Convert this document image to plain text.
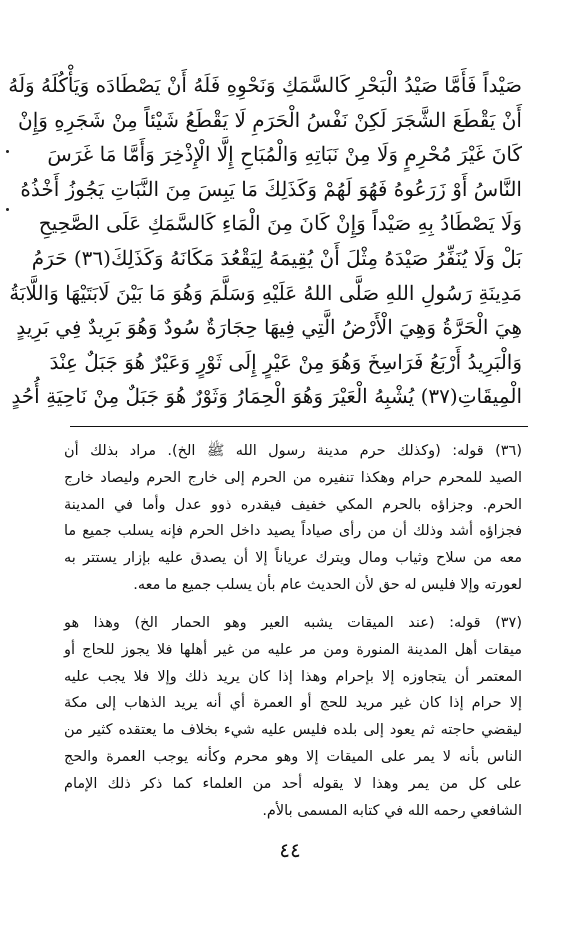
صَيْداً فَأَمَّا صَيْدُ الْبَحْرِ كَالسَّمَكِ وَنَحْوِهِ فَلَهُ أَنْ يَصْطَادَه وَيَأْكُلَهُ وَلَهُ
أَنْ يَقْطَعَ الشَّجَرَ لَكِنْ نَفْسُ الْحَرَمِ لَا يَقْطَعُ شَيْئاً مِنْ شَجَرِهِ وَإِنْ
كَانَ غَيْرَ مُحْرِمٍ وَلَا مِنْ نَبَاتِهِ وَالْمُبَاحِ إِلَّا الْإِذْخِرَ وَأَمَّا مَا غَرَسَ
النَّاسُ أَوْ زَرَعُوهُ فَهُوَ لَهُمْ وَكَذَلِكَ مَا يَبِسَ مِنَ النَّبَاتِ يَجُوزُ أَخْذُهُ
وَلَا يَصْطَادُ بِهِ صَيْداً وَإِنْ كَانَ مِنَ الْمَاءِ كَالسَّمَكِ عَلَى الصَّحِيحِ
بَلْ وَلَا يُنَفِّرُ صَيْدَهُ مِثْلَ أَنْ يُقِيمَهُ لِيَقْعُدَ مَكَانَهُ وَكَذَلِكَ(٣٦) حَرَمُ
مَدِينَةِ رَسُولِ اللهِ صَلَّى اللهُ عَلَيْهِ وَسَلَّمَ وَهُوَ مَا بَيْنَ لَابَتَيْهَا وَاللَّابَةُ
هِيَ الْحَرَّةُ وَهِيَ الْأَرْضُ الَّتِي فِيهَا حِجَارَةٌ سُودٌ وَهُوَ بَرِيدٌ فِي بَرِيدٍ
وَالْبَرِيدُ أَرْبَعُ فَرَاسِخَ وَهُوَ مِنْ عَيْرٍ إِلَى ثَوْرٍ وَعَيْرٌ هُوَ جَبَلٌ عِنْدَ
الْمِيقَاتِ(٣٧) يُشْبِهُ الْعَيْرَ وَهُوَ الْحِمَارُ وَثَوْرٌ هُوَ جَبَلٌ مِنْ نَاحِيَةِ أُحُدٍ
(٣٦) قوله: (وكذلك حرم مدينة رسول الله ﷺ الخ). مراد بذلك أن
الصيد للمحرم حرام وهكذا تنفيره من الحرم إلى خارج الحرم وليصاد خارج
الحرم. وجزاؤه بالحرم المكي خفيف فيقدره ذوو عدل وأما في المدينة
فجزاؤه أشد وذلك أن من رأى صياداً يصيد داخل الحرم فإنه يسلب جميع ما
معه من سلاح وثياب ومال ويترك عرياناً إلا أن يصدق عليه بإزار يستتر به
لعورته وإلا فليس له حق لأن الحديث عام بأن يسلب جميع ما معه.
(٣٧) قوله: (عند الميقات يشبه العير وهو الحمار الخ) وهذا هو
ميقات أهل المدينة المنورة ومن مر عليه من غير أهلها فلا يجوز للحاج أو
المعتمر أن يتجاوزه إلا بإحرام وهذا إذا كان يريد ذلك وإلا فلا يجب عليه
إلا حرام إذا كان غير مريد للحج أو العمرة أي أنه يريد الذهاب إلى مكة
ليقضي حاجته ثم يعود إلى بلده فليس عليه شيء بخلاف ما يعتقده كثير من
الناس بأنه لا يمر على الميقات إلا وهو محرم وكأنه يوجب العمرة والحج
على كل من يمر وهذا لا يقوله أحد من العلماء كما ذكر ذلك الإمام
الشافعي رحمه الله في كتابه المسمى بالأم.
٤٤
